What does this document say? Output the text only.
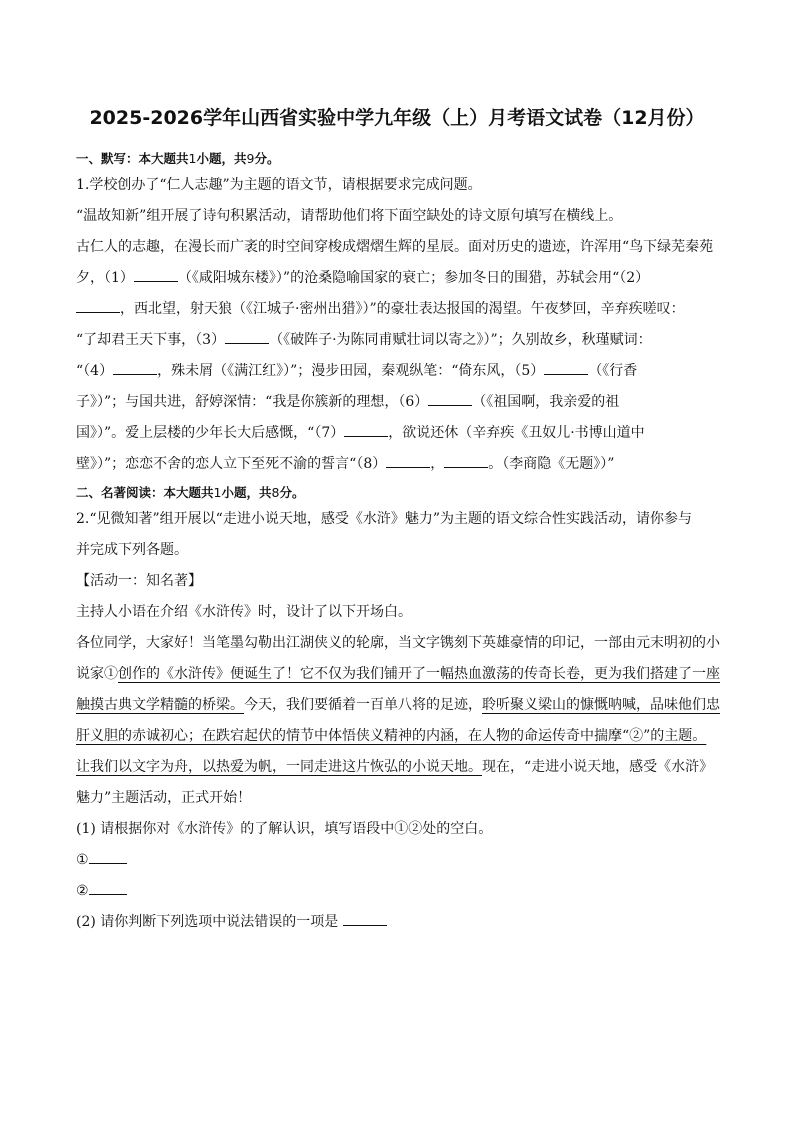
2025-2026学年山西省实验中学九年级（上）月考语文试卷（12月份）
一、默写：本大题共1小题，共9分。

1.学校创办了“仁人志趣”为主题的语文节，请根据要求完成问题。

“温故知新”组开展了诗句积累活动，请帮助他们将下面空缺处的诗文原句填写在横线上。

古仁人的志趣，在漫长而广袤的时空间穿梭成熠熠生辉的星辰。面对历史的遗迹，许浑用“鸟下绿芜秦苑

夕，（1）	（《咸阳城东楼》）”的沧桑隐喻国家的衰亡；参加冬日的围猎，苏轼会用“（2）

，西北望，射天狼（《江城子·密州出猎》）”的豪壮表达报国的渴望。午夜梦回，辛弃疾嗟叹：

“了却君王天下事，（3）	（《破阵子·为陈同甫赋壮词以寄之》）”；久别故乡，秋瑾赋词：

“（4）	，殊未屑（《满江红》）”；漫步田园，秦观纵笔：“倚东风，（5）	（《行香

子》）”；与国共进，舒婷深情：“我是你簇新的理想，（6）	（《祖国啊，我亲爱的祖

国》）”。爱上层楼的少年长大后感慨，“（7）	，欲说还休（辛弃疾《丑奴儿·书博山道中

壁》）”；恋恋不舍的恋人立下至死不渝的誓言“（8）	，	。（李商隐《无题》）”

二、名著阅读：本大题共1小题，共8分。

2.“见微知著”组开展以“走进小说天地，感受《水浒》魅力”为主题的语文综合性实践活动，请你参与

并完成下列各题。

【活动一：知名著】

主持人小语在介绍《水浒传》时，设计了以下开场白。

各位同学，大家好！当笔墨勾勒出江湖侠义的轮廓，当文字镌刻下英雄豪情的印记，一部由元末明初的小

说家①创作的《水浒传》便诞生了！它不仅为我们铺开了一幅热血激荡的传奇长卷，更为我们搭建了一座

触摸古典文学精髓的桥梁。今天，我们要循着一百单八将的足迹，聆听聚义梁山的慷慨呐喊，品味他们忠

肝义胆的赤诚初心；在跌宕起伏的情节中体悟侠义精神的内涵，在人物的命运传奇中揣摩“②”的主题。

让我们以文字为舟，以热爱为帆，一同走进这片恢弘的小说天地。现在，“走进小说天地，感受《水浒》

魅力”主题活动，正式开始！

(1) 请根据你对《水浒传》的了解认识，填写语段中①②处的空白。

①

②

(2) 请你判断下列选项中说法错误的一项是
